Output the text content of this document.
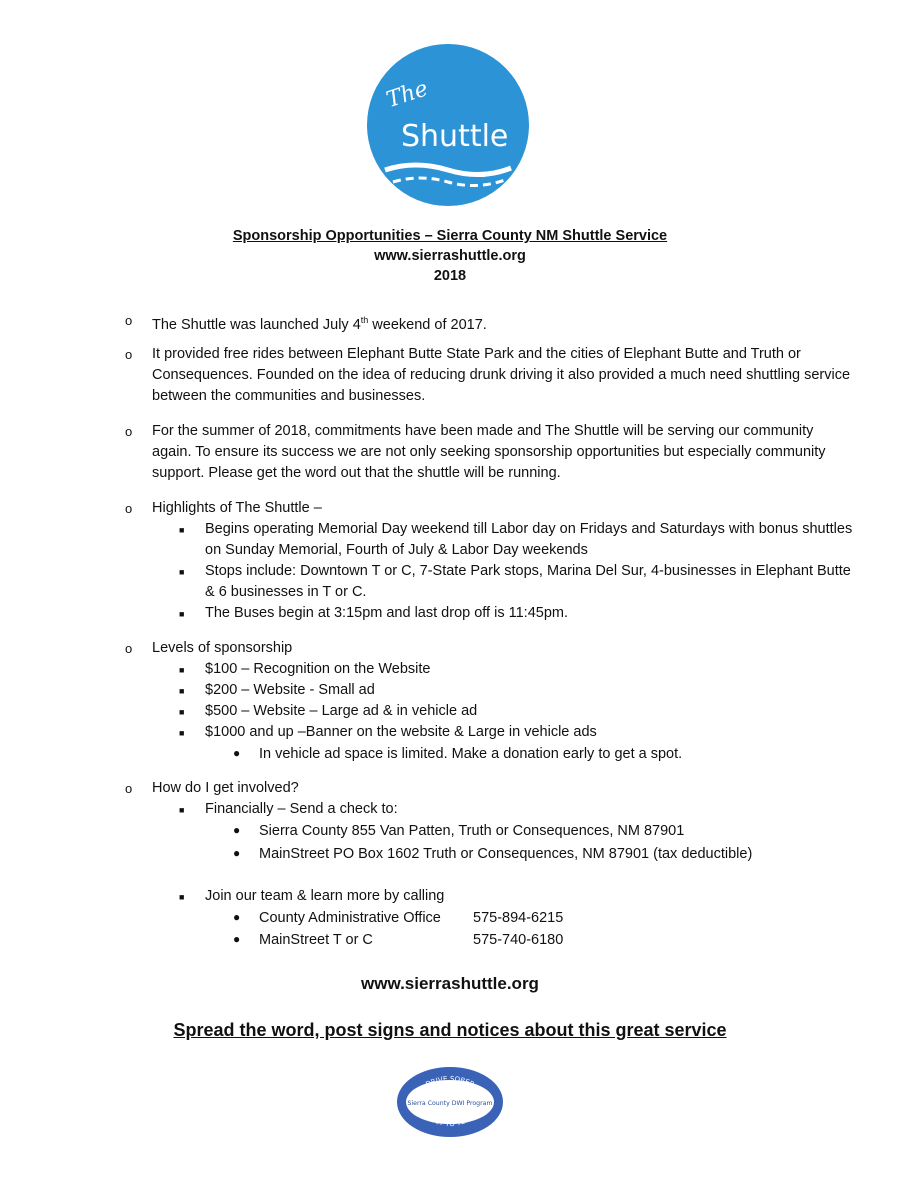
The
Shuttle
Sponsorship Opportunities – Sierra County NM Shuttle Service
www.sierrashuttle.org
2018
o The Shuttle was launched July 4th weekend of 2017.
o It provided free rides between Elephant Butte State Park and the cities of Elephant Butte and Truth or Consequences. Founded on the idea of reducing drunk driving it also provided a much need shuttling service between the communities and businesses.
o For the summer of 2018, commitments have been made and The Shuttle will be serving our community again. To ensure its success we are not only seeking sponsorship opportunities but especially community support. Please get the word out that the shuttle will be running.
o Highlights of The Shuttle –
■ Begins operating Memorial Day weekend till Labor day on Fridays and Saturdays with bonus shuttles on Sunday Memorial, Fourth of July & Labor Day weekends
■ Stops include: Downtown T or C, 7-State Park stops, Marina Del Sur, 4-businesses in Elephant Butte & 6 businesses in T or C.
■ The Buses begin at 3:15pm and last drop off is 11:45pm.
o Levels of sponsorship
■ $100 – Recognition on the Website
■ $200 – Website - Small ad
■ $500 – Website – Large ad & in vehicle ad
■ $1000 and up –Banner on the website & Large in vehicle ads
● In vehicle ad space is limited. Make a donation early to get a spot.
o How do I get involved?
■ Financially – Send a check to:
● Sierra County 855 Van Patten, Truth or Consequences, NM 87901
● MainStreet PO Box 1602 Truth or Consequences, NM 87901 (tax deductible)
■ Join our team & learn more by calling
● County Administrative Office	575-894-6215
● MainStreet T or C	575-740-6180
www.sierrashuttle.org
Spread the word, post signs and notices about this great service
DRIVE SOBER
Sierra County DWI Program
WAIT TO TEXT
